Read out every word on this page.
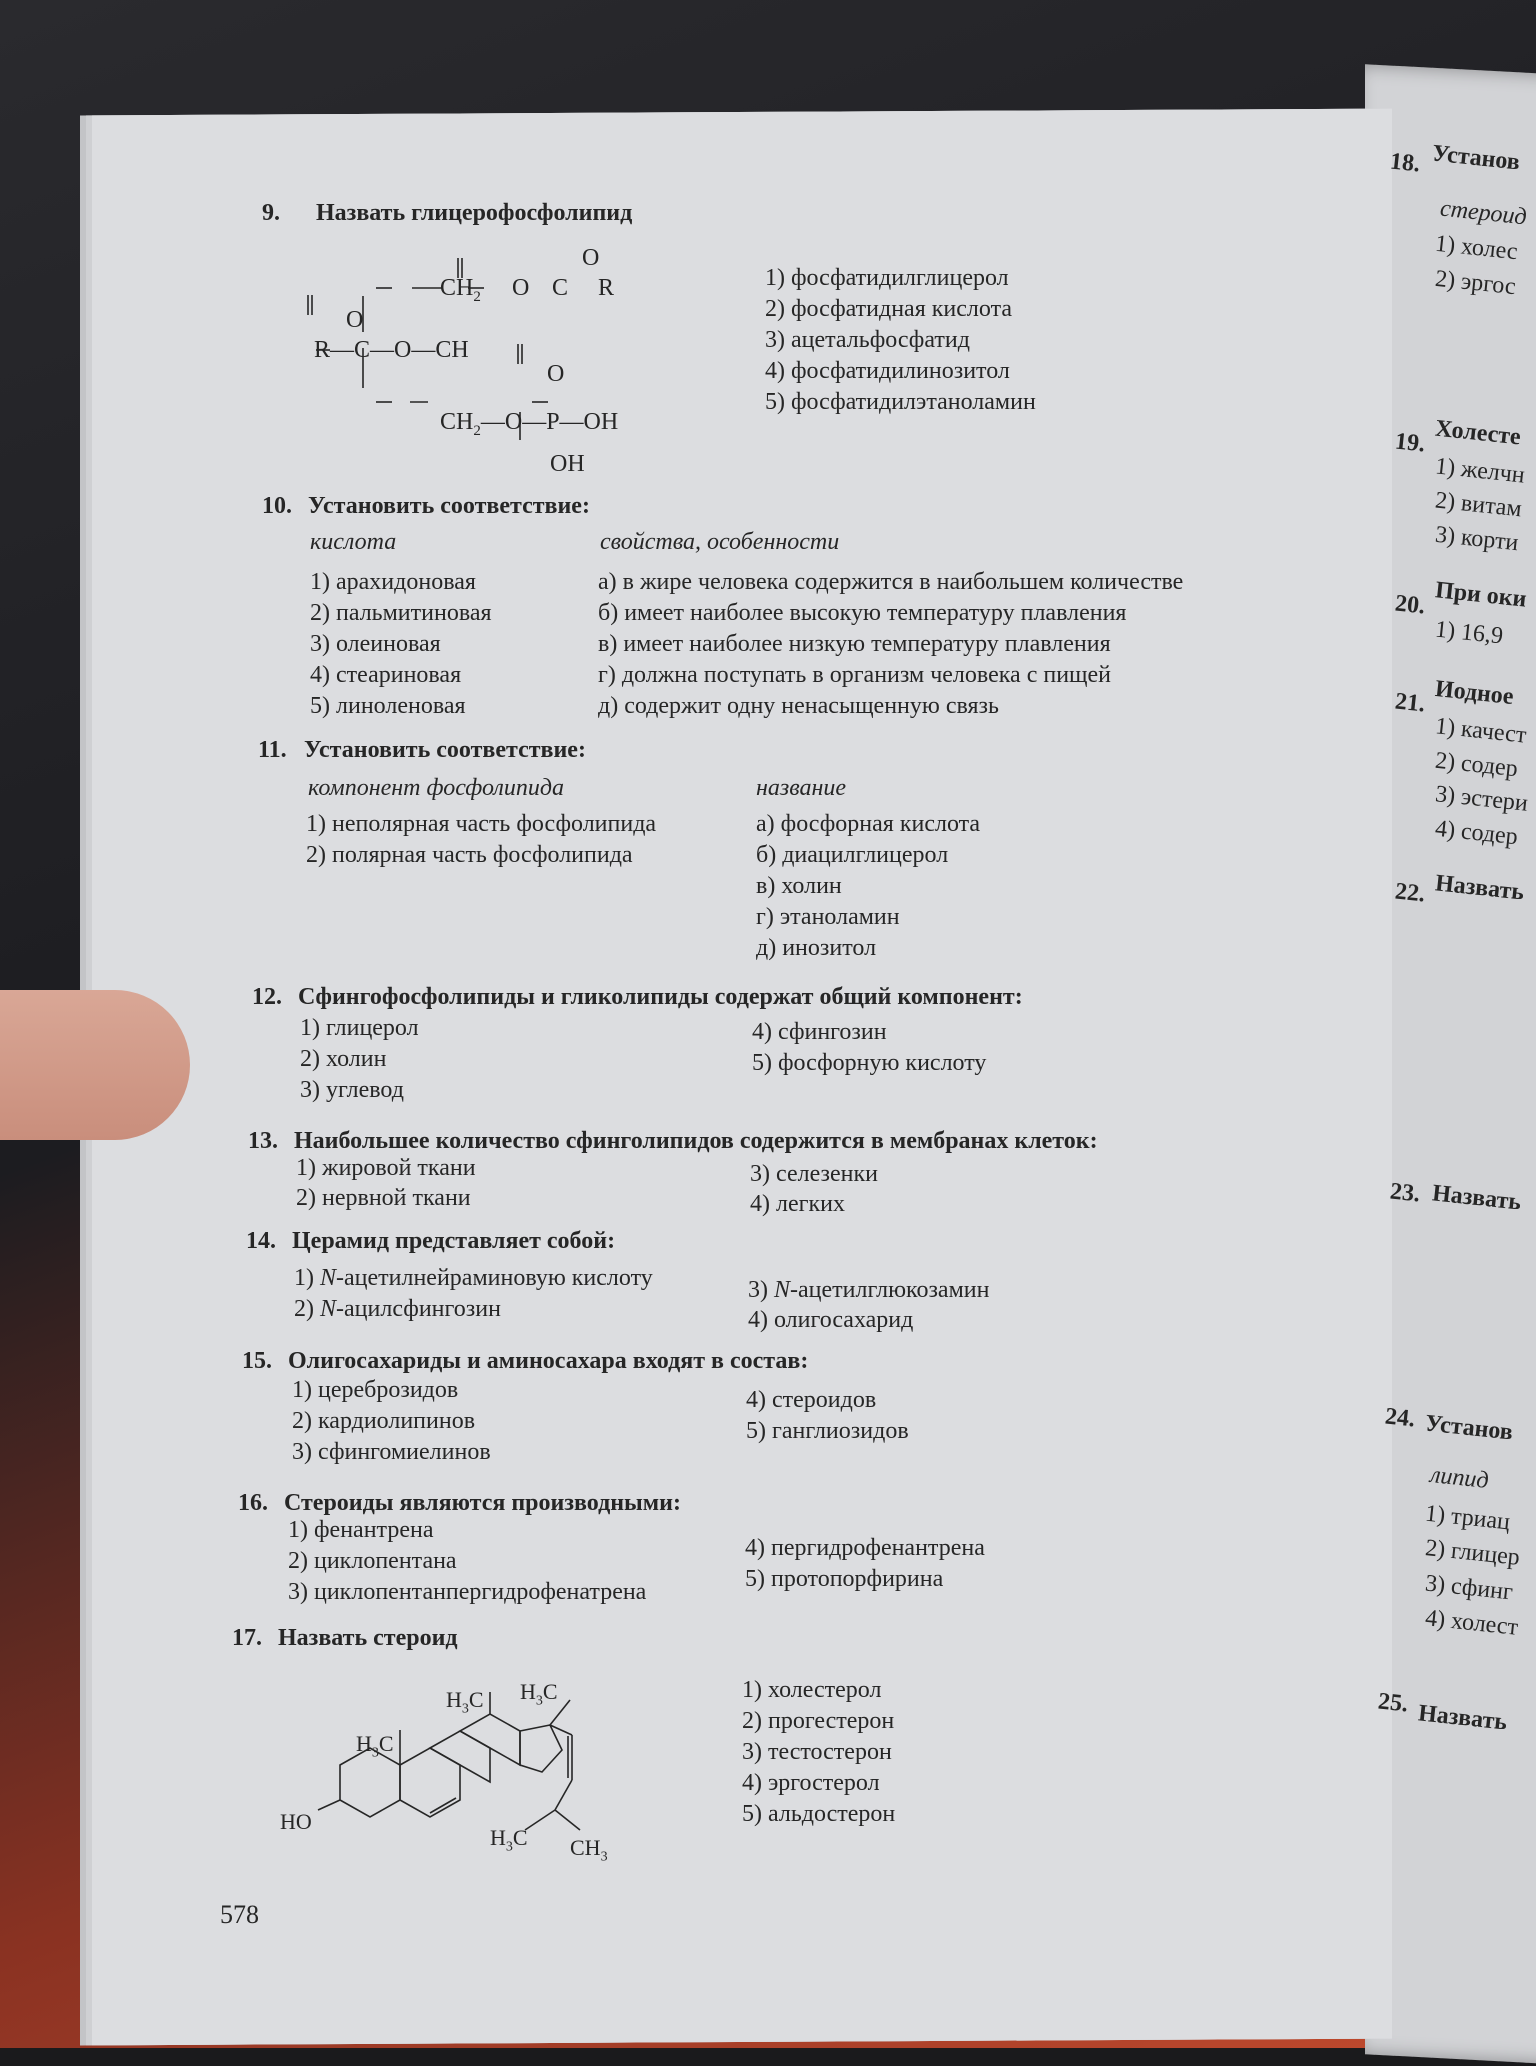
18. Установ
стероид
1) холес
2) эргос
19. Холесте
1) желчн
2) витам
3) корти
20. При оки
1) 16,9
21. Иодное
1) качест
2) содер
3) эстери
4) содер
22. Назвать
23. Назвать
24. Установ
липид
1) триац
2) глицер
3) сфинг
4) холест
25. Назвать
9. Назвать глицерофосфолипид
O
$CH_2$ O C R
O
R—C—O—CH
O
$CH_2—O—P—OH$
OH
1) фосфатидилглицерол
2) фосфатидная кислота
3) ацетальфосфатид
4) фосфатидилинозитол
5) фосфатидилэтаноламин
10. Установить соответствие:
кислота	свойства, особенности
1) арахидоновая
2) пальмитиновая
3) олеиновая
4) стеариновая
5) линоленовая
а) в жире человека содержится в наибольшем количестве
б) имеет наиболее высокую температуру плавления
в) имеет наиболее низкую температуру плавления
г) должна поступать в организм человека с пищей
д) содержит одну ненасыщенную связь
11. Установить соответствие:
компонент фосфолипида	название
1) неполярная часть фосфолипида
2) полярная часть фосфолипида
а) фосфорная кислота
б) диацилглицерол
в) холин
г) этаноламин
д) инозитол
12. Сфингофосфолипиды и гликолипиды содержат общий компонент:
1) глицерол
2) холин
3) углевод
4) сфингозин
5) фосфорную кислоту
13. Наибольшее количество сфинголипидов содержится в мембранах клеток:
1) жировой ткани
2) нервной ткани
3) селезенки
4) легких
14. Церамид представляет собой:
1) N-ацетилнейраминовую кислоту
2) N-ацилсфингозин
3) N-ацетилглюкозамин
4) олигосахарид
15. Олигосахариды и аминосахара входят в состав:
1) цереброзидов
2) кардиолипинов
3) сфингомиелинов
4) стероидов
5) ганглиозидов
16. Стероиды являются производными:
1) фенантрена
2) циклопентана
3) циклопентанпергидрофенатрена
4) пергидрофенантрена
5) протопорфирина
17. Назвать стероид
$H_3C$ $H_3C$
$H_3C$
HO
$H_3C$ $CH_3$
1) холестерол
2) прогестерон
3) тестостерон
4) эргостерол
5) альдостерон
578
